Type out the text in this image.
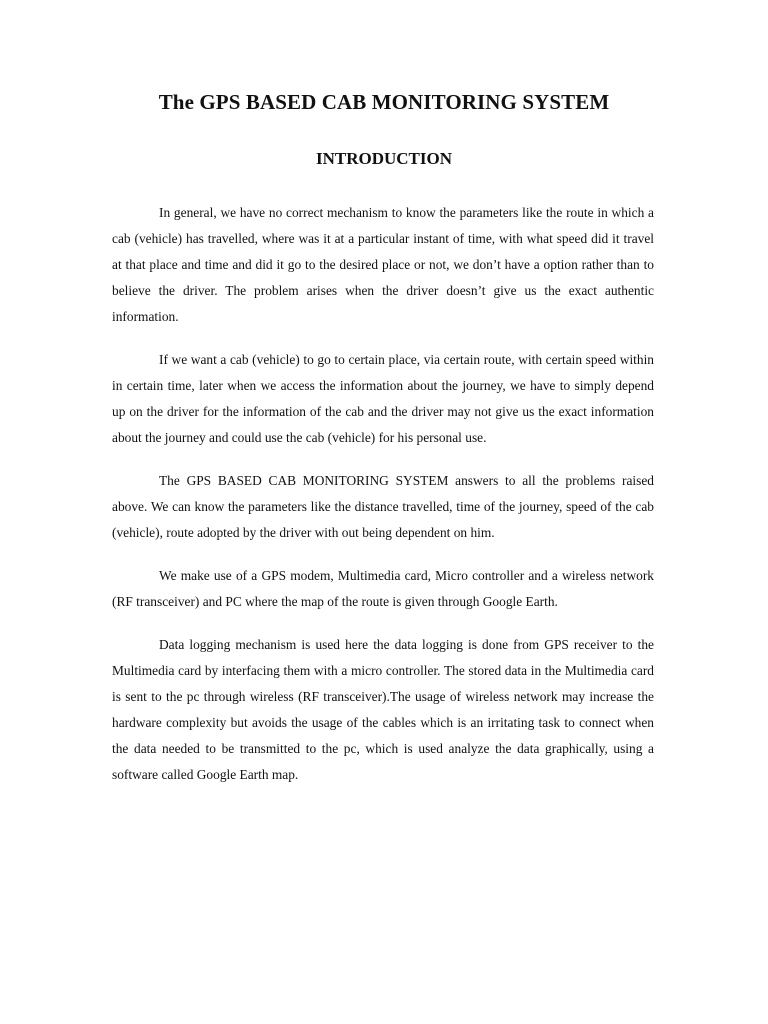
The GPS BASED CAB MONITORING SYSTEM
INTRODUCTION

In general, we have no correct mechanism to know the parameters like the route in which a cab (vehicle) has travelled, where was it at a particular instant of time, with what speed did it travel at that place and time and did it go to the desired place or not, we don’t have a option rather than to believe the driver. The problem arises when the driver doesn’t give us the exact authentic information.

If we want a cab (vehicle) to go to certain place, via certain route, with certain speed within in certain time, later when we access the information about the journey, we have to simply depend up on the driver for the information of the cab and the driver may not give us the exact information about the journey and could use the cab (vehicle) for his personal use.

The GPS BASED CAB MONITORING SYSTEM answers to all the problems raised above. We can know the parameters like the distance travelled, time of the journey, speed of the cab (vehicle), route adopted by the driver with out being dependent on him.

We make use of a GPS modem, Multimedia card, Micro controller and a wireless network (RF transceiver) and PC where the map of the route is given through Google Earth.

Data logging mechanism is used here the data logging is done from GPS receiver to the Multimedia card by interfacing them with a micro controller. The stored data in the Multimedia card is sent to the pc through wireless (RF transceiver).The usage of wireless network may increase the hardware complexity but avoids the usage of the cables which is an irritating task to connect when the data needed to be transmitted to the pc, which is used analyze the data graphically, using a software called Google Earth map.
